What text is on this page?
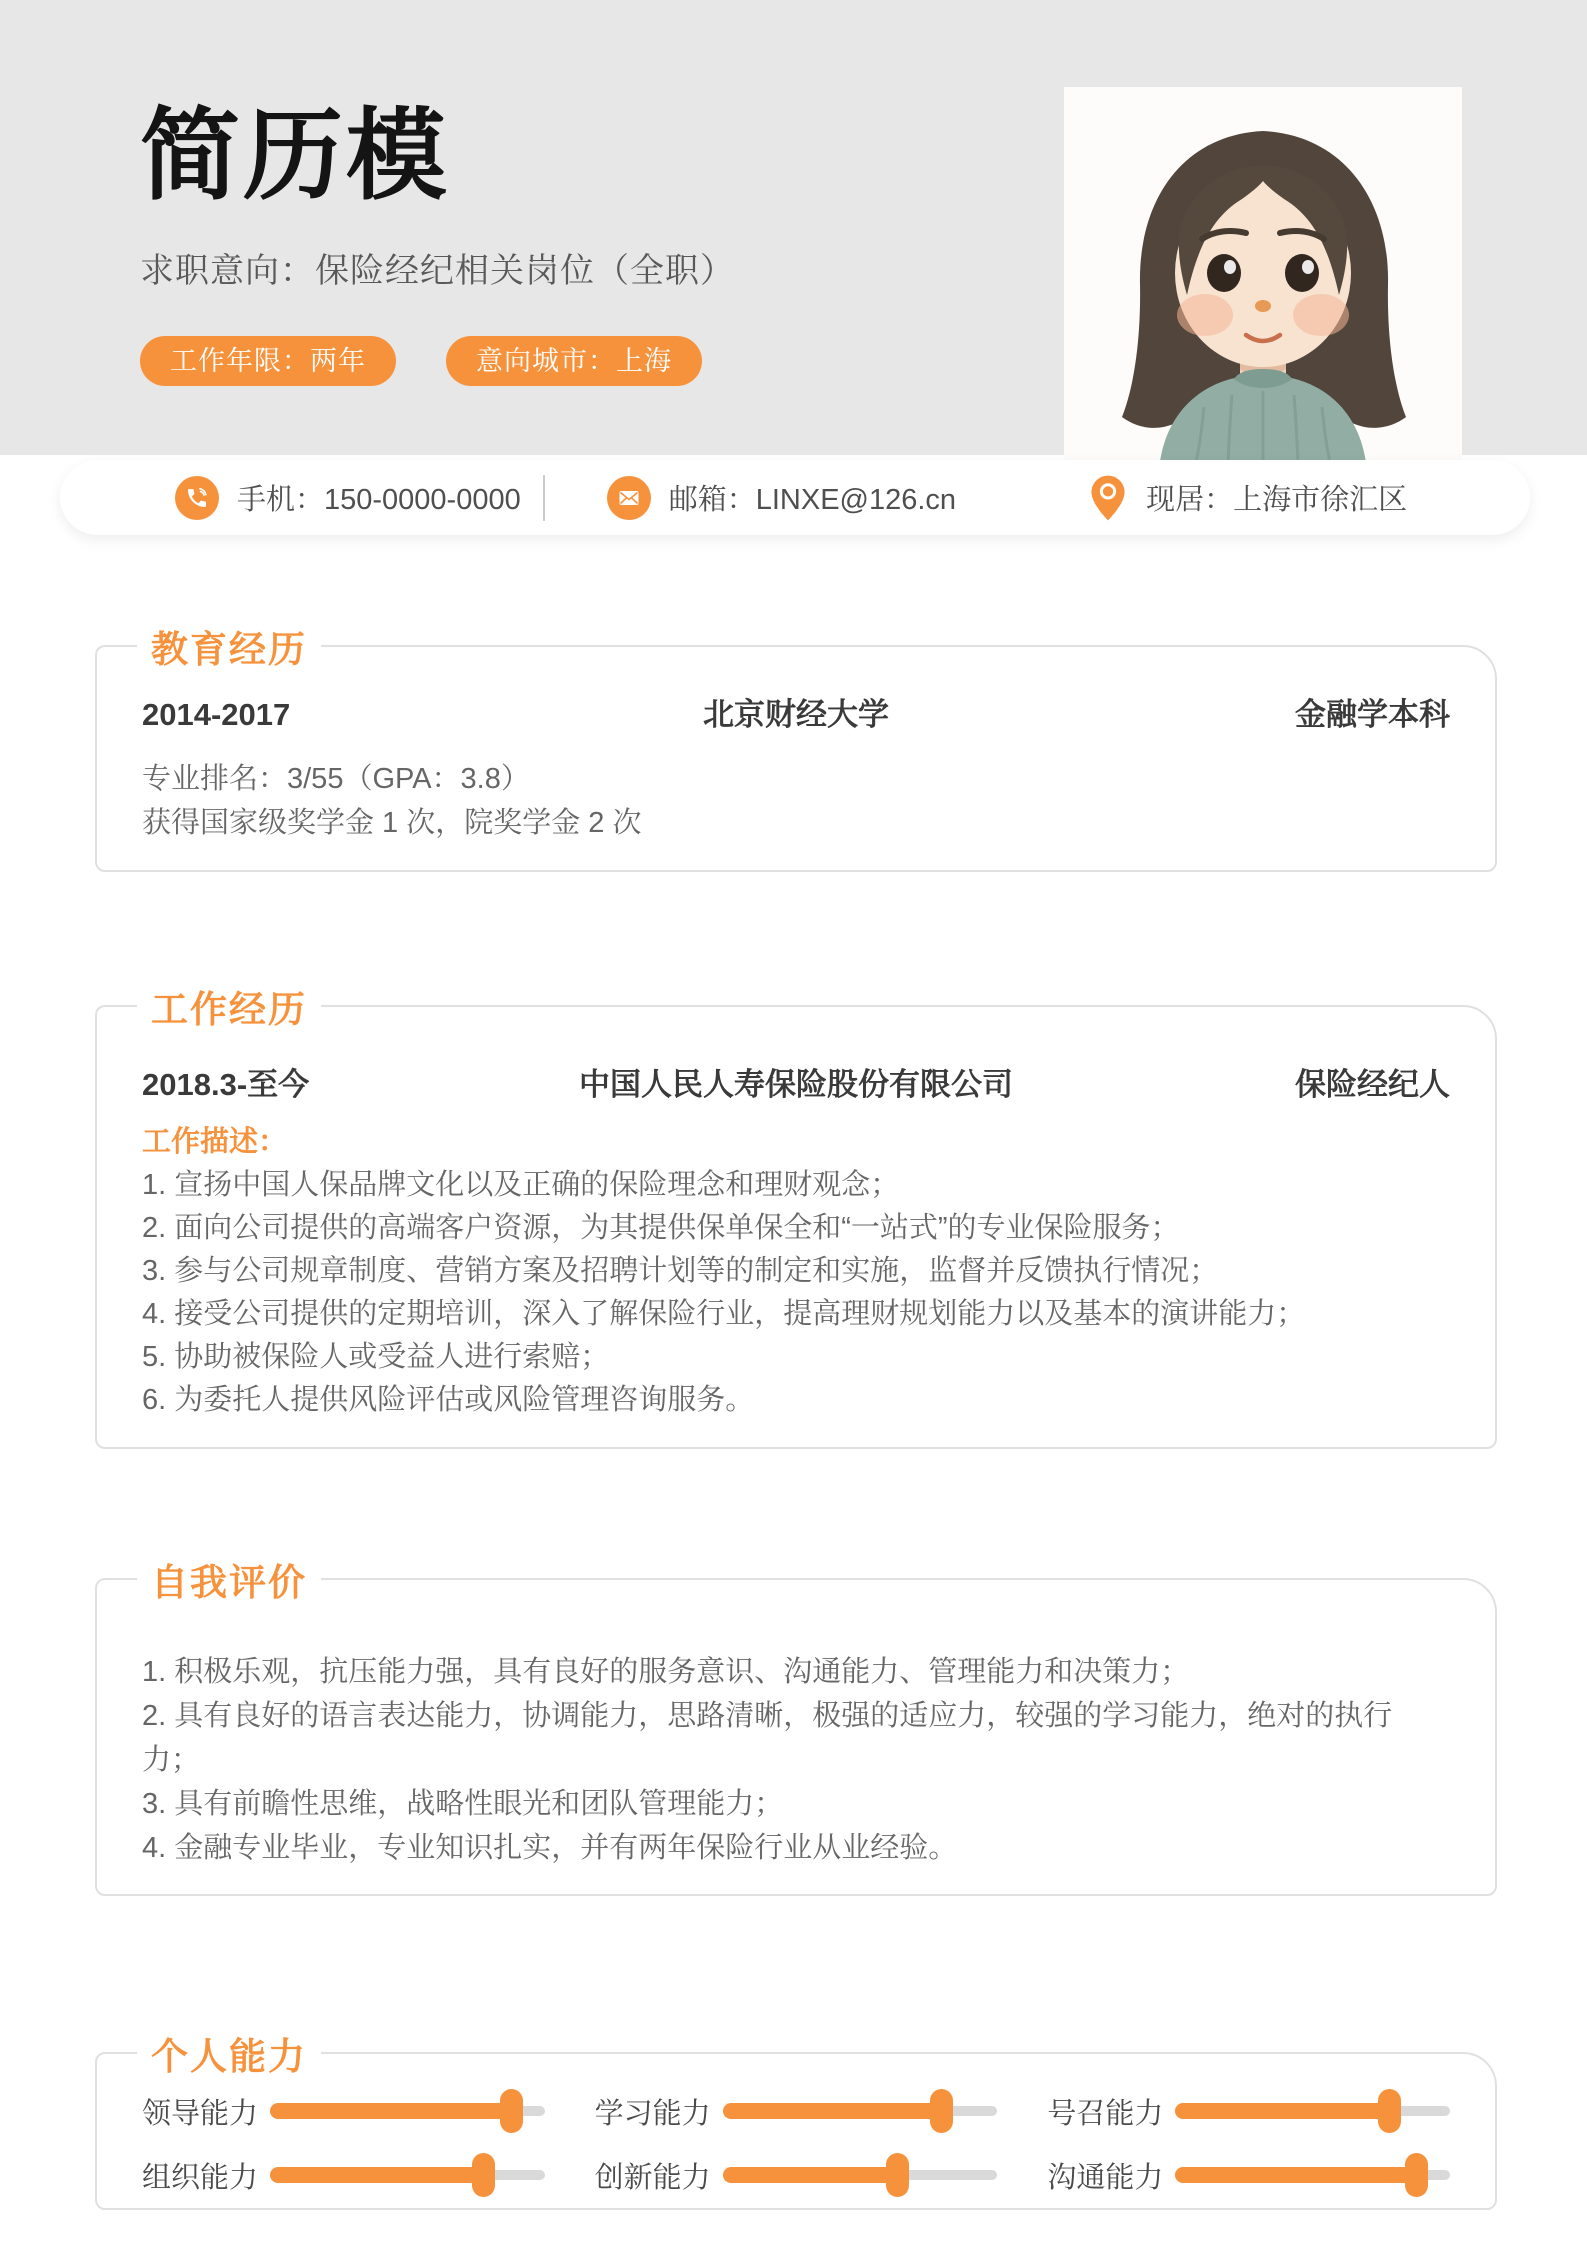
简历模

求职意向：保险经纪相关岗位（全职）

工作年限：两年	意向城市：上海
手机：150-0000-0000	邮箱：LINXE@126.cn	现居：上海市徐汇区
教育经历
2014-2017	北京财经大学	金融学本科

专业排名：3/55（GPA：3.8）

获得国家级奖学金 1 次，院奖学金 2 次

工作经历
2018.3-至今	中国人民人寿保险股份有限公司	保险经纪人

工作描述：

1. 宣扬中国人保品牌文化以及正确的保险理念和理财观念；

2. 面向公司提供的高端客户资源，为其提供保单保全和“一站式”的专业保险服务；

3. 参与公司规章制度、营销方案及招聘计划等的制定和实施，监督并反馈执行情况；

4. 接受公司提供的定期培训，深入了解保险行业，提高理财规划能力以及基本的演讲能力；

5. 协助被保险人或受益人进行索赔；

6. 为委托人提供风险评估或风险管理咨询服务。

自我评价

1. 积极乐观，抗压能力强，具有良好的服务意识、沟通能力、管理能力和决策力；

2. 具有良好的语言表达能力，协调能力，思路清晰，极强的适应力，较强的学习能力，绝对的执行力；

3. 具有前瞻性思维，战略性眼光和团队管理能力；

4. 金融专业毕业，专业知识扎实，并有两年保险行业从业经验。

个人能力
领导能力	学习能力	号召能力
组织能力	创新能力	沟通能力
